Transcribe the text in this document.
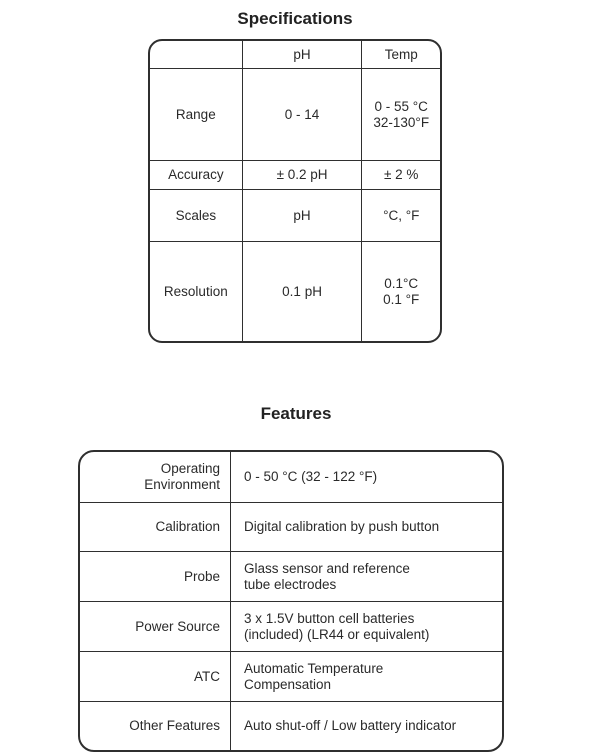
Specifications
	pH	Temp
Range	0 - 14	0 - 55 °C
32-130°F

Accuracy	± 0.2 pH	± 2 %
Scales	pH	°C, °F
Resolution	0.1 pH	0.1°C
0.1 °F
Features
Operating
Environment	0 - 50 °C (32 - 122 °F)
Calibration	Digital calibration by push button
Probe	Glass sensor and reference
tube electrodes

Power Source	3 x 1.5V button cell batteries
(included) (LR44 or equivalent)

ATC	Automatic Temperature
Compensation

Other Features	Auto shut-off / Low battery indicator
